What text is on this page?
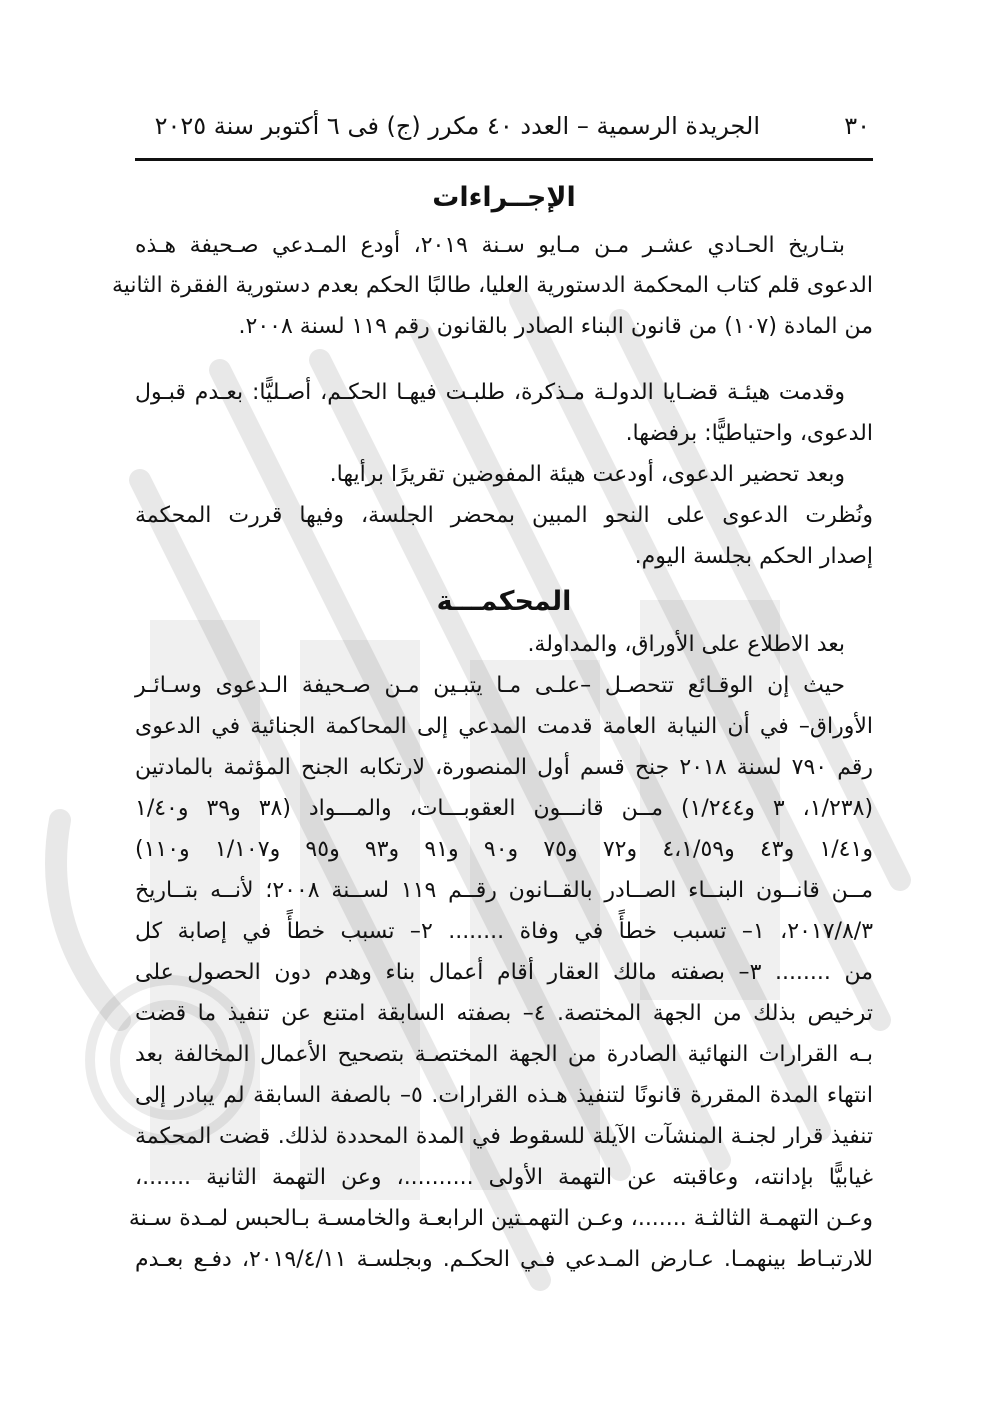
٣٠
الجريدة الرسمية – العدد ٤٠ مكرر (ج) فى ٦ أكتوبر سنة ٢٠٢٥
الإجــراءات
بتـاريخ الحـادي عشـر مـن مـايو سـنة ٢٠١٩، أودع المـدعي صـحيفة هـذه
الدعوى قلم كتاب المحكمة الدستورية العليا، طالبًا الحكم بعدم دستورية الفقرة الثانية
من المادة (١٠٧) من قانون البناء الصادر بالقانون رقم ١١٩ لسنة ٢٠٠٨.
وقدمت هيئـة قضـايا الدولـة مـذكرة، طلبـت فيهـا الحكـم، أصـليًّا: بعـدم قبـول
الدعوى، واحتياطيًّا: برفضها.
وبعد تحضير الدعوى، أودعت هيئة المفوضين تقريرًا برأيها.
ونُظرت الدعوى على النحو المبين بمحضر الجلسة، وفيها قررت المحكمة
إصدار الحكم بجلسة اليوم.
المحكمـــة
بعد الاطلاع على الأوراق، والمداولة.
حيث إن الوقـائع تتحصـل –علـى مـا يتبـين مـن صـحيفة الـدعوى وسـائـر
الأوراق– في أن النيابة العامة قدمت المدعي إلى المحاكمة الجنائية في الدعوى
رقم ٧٩٠ لسنة ٢٠١٨ جنح قسم أول المنصورة، لارتكابه الجنح المؤثمة بالمادتين
(١/٢٣٨، ٣ و١/٢٤٤) مــن قانـــون العقوبـــات، والمـــواد (٣٨ و٣٩ و١/٤٠
و١/٤١ و٤٣ و٤،١/٥٩ و٧٢ و٧٥ و٩٠ و٩١ و٩٣ و٩٥ و١/١٠٧ و١١٠)
مــن قانــون البنــاء الصــادر بالقــانون رقــم ١١٩ لســنة ٢٠٠٨؛ لأنــه بتــاريخ
٢٠١٧/٨/٣، ١– تسبب خطأً في وفاة ........ ٢– تسبب خطأً في إصابة كل
من ........ ٣– بصفته مالك العقار أقام أعمال بناء وهدم دون الحصول على
ترخيص بذلك من الجهة المختصة. ٤– بصفته السابقة امتنع عن تنفيذ ما قضت
بـه القرارات النهائية الصادرة من الجهة المختصـة بتصحيح الأعمال المخالفة بعد
انتهاء المدة المقررة قانونًا لتنفيذ هـذه القرارات. ٥– بالصفة السابقة لم يبادر إلى
تنفيذ قرار لجنـة المنشآت الآيلة للسقوط في المدة المحددة لذلك. قضت المحكمة
غيابيًّا بإدانته، وعاقبته عن التهمة الأولى ..........، وعن التهمة الثانية .......،
وعـن التهمـة الثالثـة .......، وعـن التهمـتين الرابعـة والخامسـة بـالحبس لمـدة سـنة
للارتبـاط بينهمـا. عـارض المـدعي فـي الحكـم. وبجلسـة ٢٠١٩/٤/١١، دفـع بعـدم
